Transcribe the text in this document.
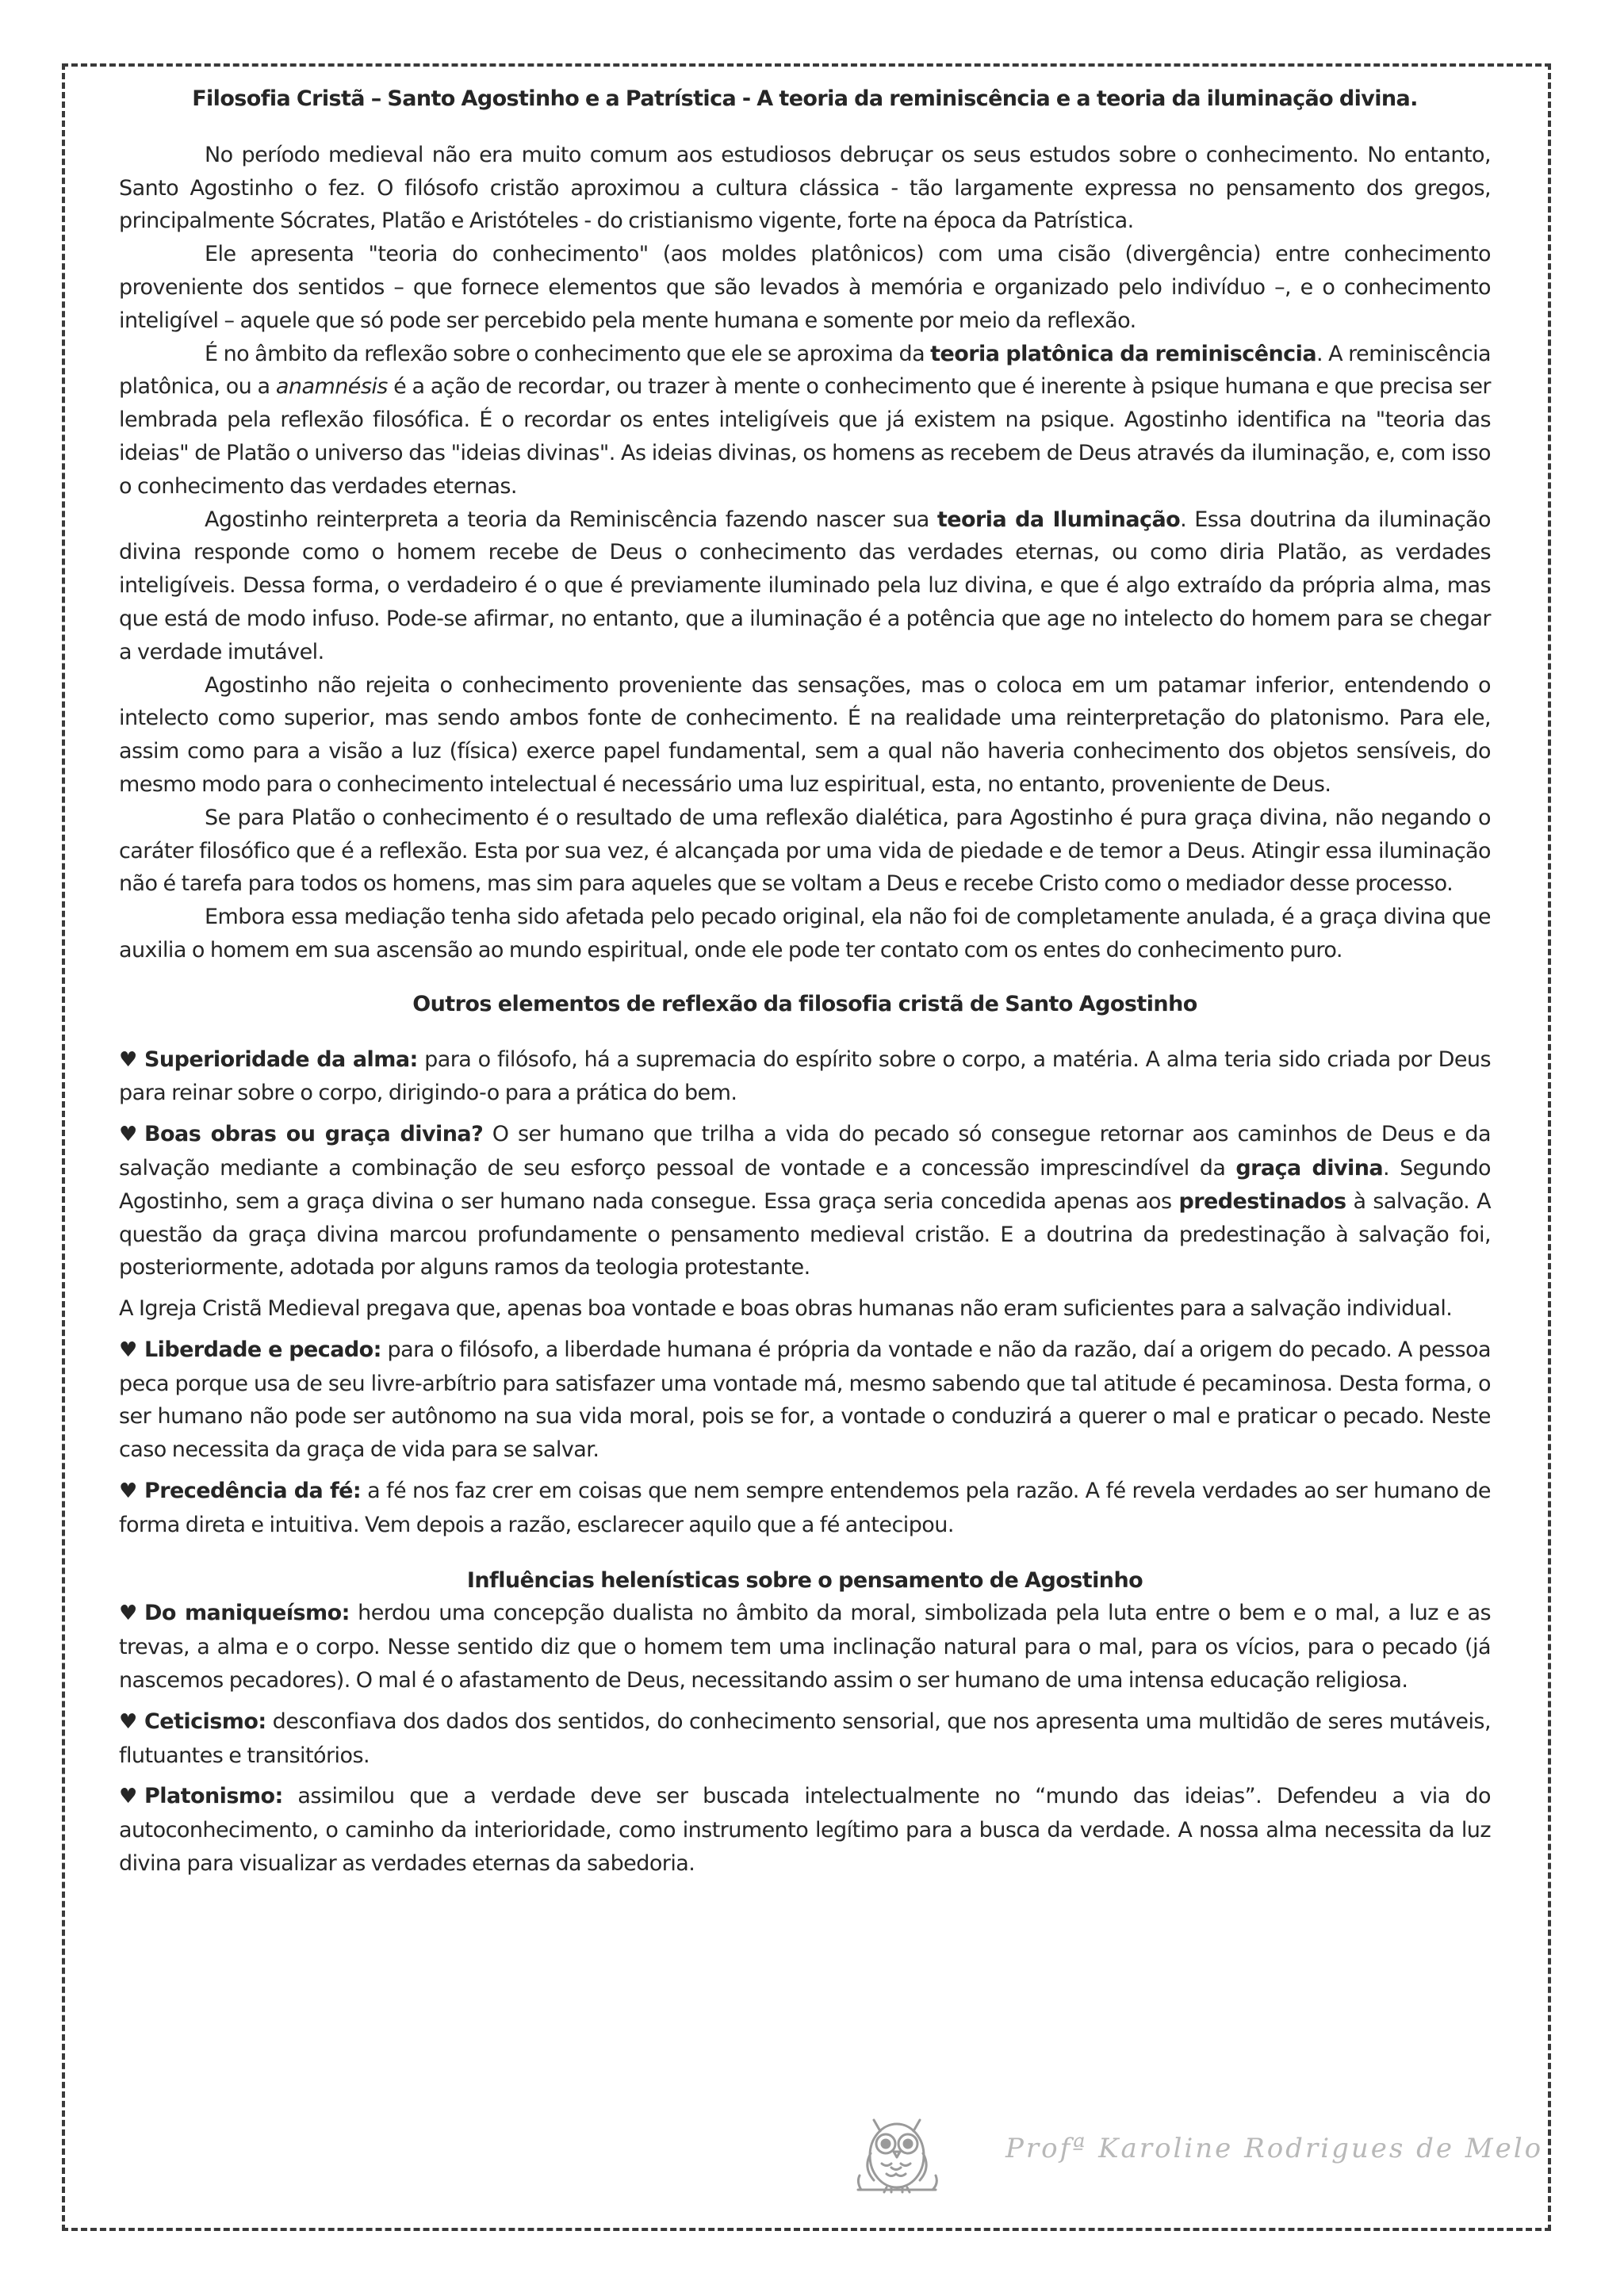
Filosofia Cristã – Santo Agostinho e a Patrística - A teoria da reminiscência e a teoria da iluminação divina.

No período medieval não era muito comum aos estudiosos debruçar os seus estudos sobre o conhecimento. No entanto, Santo Agostinho o fez. O filósofo cristão aproximou a cultura clássica - tão largamente expressa no pensamento dos gregos, principalmente Sócrates, Platão e Aristóteles - do cristianismo vigente, forte na época da Patrística.

Ele apresenta "teoria do conhecimento" (aos moldes platônicos) com uma cisão (divergência) entre conhecimento proveniente dos sentidos – que fornece elementos que são levados à memória e organizado pelo indivíduo –, e o conhecimento inteligível – aquele que só pode ser percebido pela mente humana e somente por meio da reflexão.

É no âmbito da reflexão sobre o conhecimento que ele se aproxima da teoria platônica da reminiscência. A reminiscência platônica, ou a anamnésis é a ação de recordar, ou trazer à mente o conhecimento que é inerente à psique humana e que precisa ser lembrada pela reflexão filosófica. É o recordar os entes inteligíveis que já existem na psique. Agostinho identifica na "teoria das ideias" de Platão o universo das "ideias divinas". As ideias divinas, os homens as recebem de Deus através da iluminação, e, com isso o conhecimento das verdades eternas.

Agostinho reinterpreta a teoria da Reminiscência fazendo nascer sua teoria da Iluminação. Essa doutrina da iluminação divina responde como o homem recebe de Deus o conhecimento das verdades eternas, ou como diria Platão, as verdades inteligíveis. Dessa forma, o verdadeiro é o que é previamente iluminado pela luz divina, e que é algo extraído da própria alma, mas que está de modo infuso. Pode-se afirmar, no entanto, que a iluminação é a potência que age no intelecto do homem para se chegar a verdade imutável.

Agostinho não rejeita o conhecimento proveniente das sensações, mas o coloca em um patamar inferior, entendendo o intelecto como superior, mas sendo ambos fonte de conhecimento. É na realidade uma reinterpretação do platonismo. Para ele, assim como para a visão a luz (física) exerce papel fundamental, sem a qual não haveria conhecimento dos objetos sensíveis, do mesmo modo para o conhecimento intelectual é necessário uma luz espiritual, esta, no entanto, proveniente de Deus.

Se para Platão o conhecimento é o resultado de uma reflexão dialética, para Agostinho é pura graça divina, não negando o caráter filosófico que é a reflexão. Esta por sua vez, é alcançada por uma vida de piedade e de temor a Deus. Atingir essa iluminação não é tarefa para todos os homens, mas sim para aqueles que se voltam a Deus e recebe Cristo como o mediador desse processo.

Embora essa mediação tenha sido afetada pelo pecado original, ela não foi de completamente anulada, é a graça divina que auxilia o homem em sua ascensão ao mundo espiritual, onde ele pode ter contato com os entes do conhecimento puro.

Outros elementos de reflexão da filosofia cristã de Santo Agostinho

♥ Superioridade da alma: para o filósofo, há a supremacia do espírito sobre o corpo, a matéria. A alma teria sido criada por Deus para reinar sobre o corpo, dirigindo-o para a prática do bem.

♥ Boas obras ou graça divina? O ser humano que trilha a vida do pecado só consegue retornar aos caminhos de Deus e da salvação mediante a combinação de seu esforço pessoal de vontade e a concessão imprescindível da graça divina. Segundo Agostinho, sem a graça divina o ser humano nada consegue. Essa graça seria concedida apenas aos predestinados à salvação. A questão da graça divina marcou profundamente o pensamento medieval cristão. E a doutrina da predestinação à salvação foi, posteriormente, adotada por alguns ramos da teologia protestante.

A Igreja Cristã Medieval pregava que, apenas boa vontade e boas obras humanas não eram suficientes para a salvação individual.

♥ Liberdade e pecado: para o filósofo, a liberdade humana é própria da vontade e não da razão, daí a origem do pecado. A pessoa peca porque usa de seu livre-arbítrio para satisfazer uma vontade má, mesmo sabendo que tal atitude é pecaminosa. Desta forma, o ser humano não pode ser autônomo na sua vida moral, pois se for, a vontade o conduzirá a querer o mal e praticar o pecado. Neste caso necessita da graça de vida para se salvar.

♥ Precedência da fé: a fé nos faz crer em coisas que nem sempre entendemos pela razão. A fé revela verdades ao ser humano de forma direta e intuitiva. Vem depois a razão, esclarecer aquilo que a fé antecipou.

Influências helenísticas sobre o pensamento de Agostinho

♥ Do maniqueísmo: herdou uma concepção dualista no âmbito da moral, simbolizada pela luta entre o bem e o mal, a luz e as trevas, a alma e o corpo. Nesse sentido diz que o homem tem uma inclinação natural para o mal, para os vícios, para o pecado (já nascemos pecadores). O mal é o afastamento de Deus, necessitando assim o ser humano de uma intensa educação religiosa.

♥ Ceticismo: desconfiava dos dados dos sentidos, do conhecimento sensorial, que nos apresenta uma multidão de seres mutáveis, flutuantes e transitórios.

♥ Platonismo: assimilou que a verdade deve ser buscada intelectualmente no “mundo das ideias”. Defendeu a via do autoconhecimento, o caminho da interioridade, como instrumento legítimo para a busca da verdade. A nossa alma necessita da luz divina para visualizar as verdades eternas da sabedoria.

Profª Karoline Rodrigues de Melo
